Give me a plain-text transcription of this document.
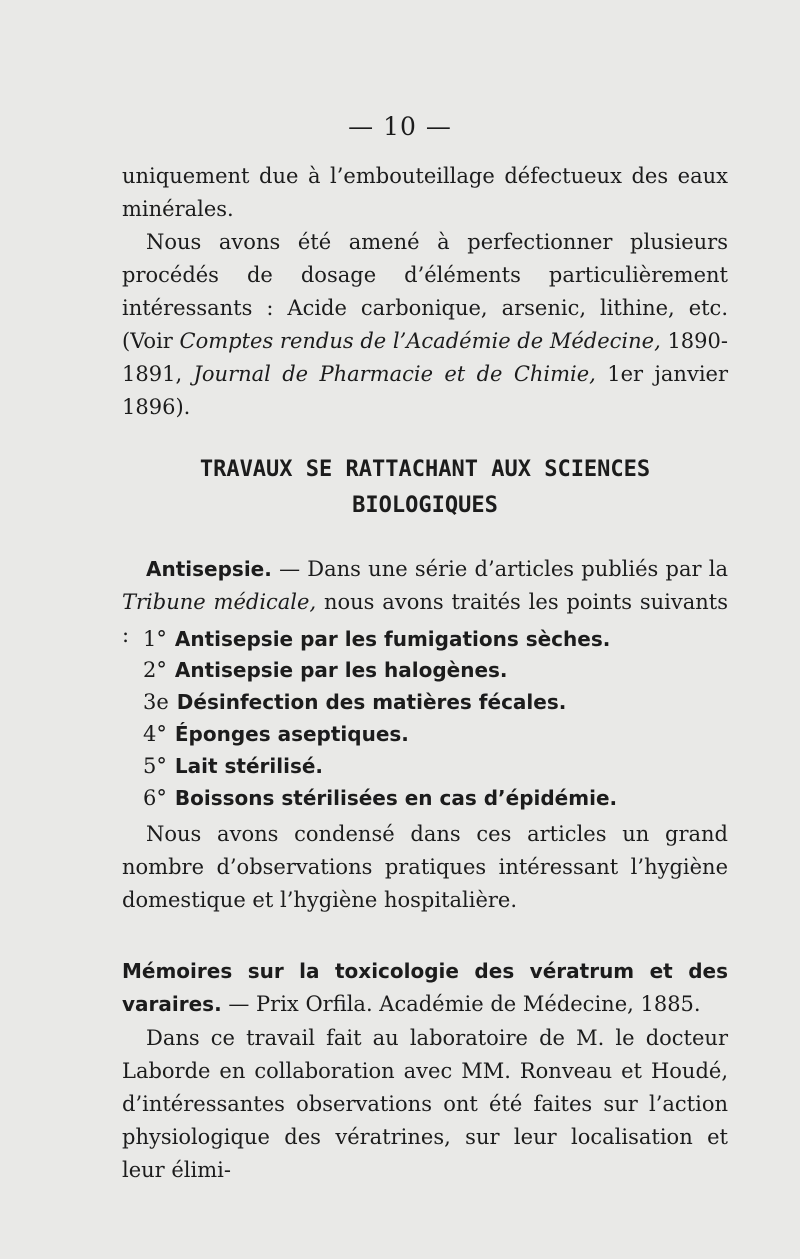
— 10 —

uniquement due à l’embouteillage défectueux des eaux minérales.

Nous avons été amené à perfectionner plusieurs procédés de dosage d’éléments particulièrement intéressants : Acide carbonique, arsenic, lithine, etc. (Voir Comptes rendus de l’Académie de Médecine, 1890-1891, Journal de Pharmacie et de Chimie, 1er janvier 1896).

TRAVAUX SE RATTACHANT AUX SCIENCES
BIOLOGIQUES

Antisepsie. — Dans une série d’articles publiés par la Tribune médicale, nous avons traités les points suivants : 1° Antisepsie par les fumigations sèches.
2° Antisepsie par les halogènes.
3e Désinfection des matières fécales.
4° Éponges aseptiques.
5° Lait stérilisé.
6° Boissons stérilisées en cas d’épidémie.

Nous avons condensé dans ces articles un grand nombre d’observations pratiques intéressant l’hygiène domestique et l’hygiène hospitalière.

Mémoires sur la toxicologie des vératrum et des varaires. — Prix Orfila. Académie de Médecine, 1885.

Dans ce travail fait au laboratoire de M. le docteur Laborde en collaboration avec MM. Ronveau et Houdé, d’intéressantes observations ont été faites sur l’action physiologique des vératrines, sur leur localisation et leur élimi-
